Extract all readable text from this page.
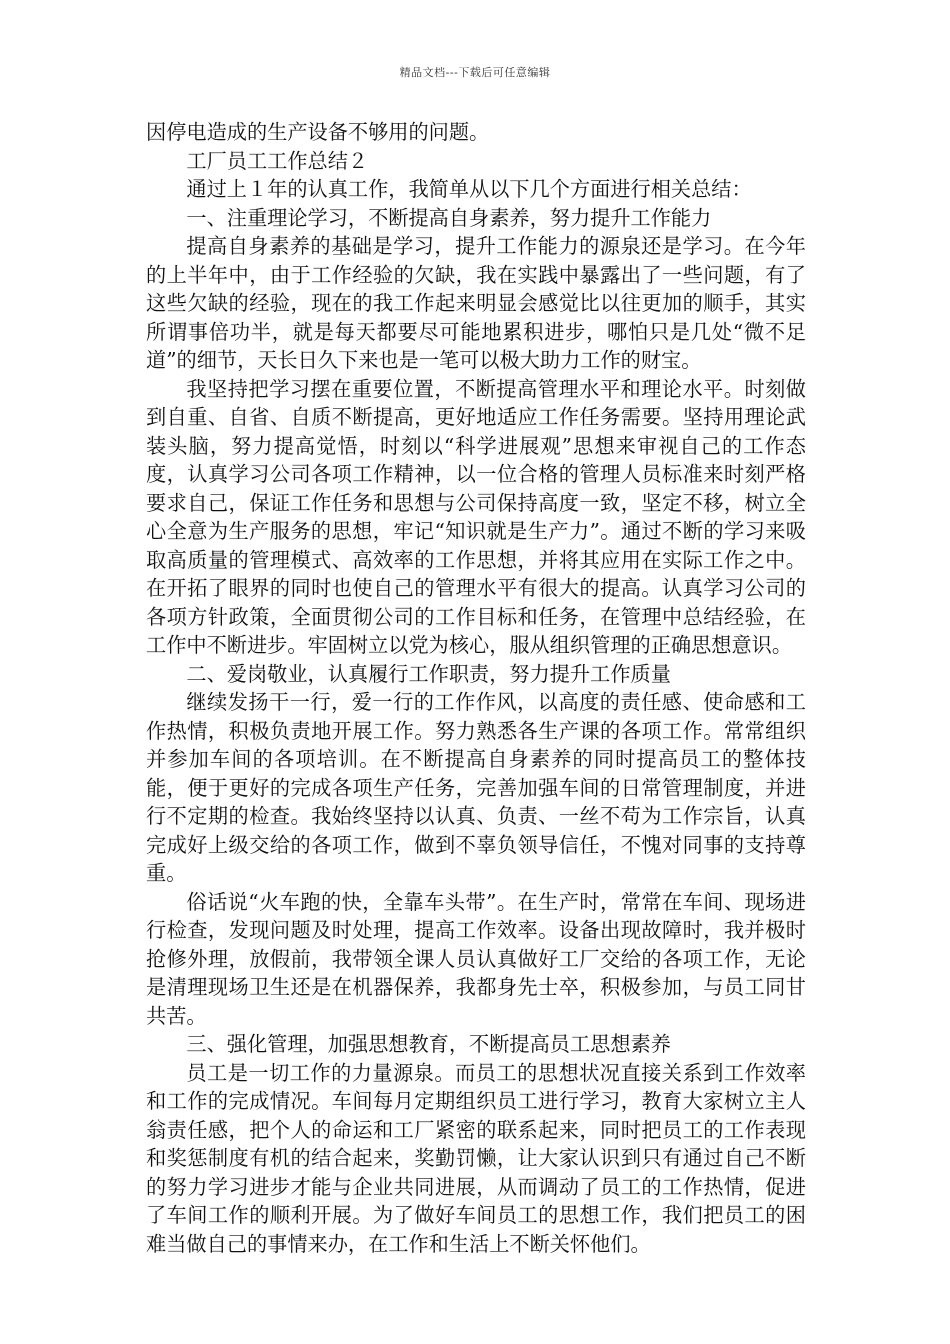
精品文档---下载后可任意编辑

因停电造成的生产设备不够用的问题。

工厂员工工作总结２

通过上１年的认真工作，我简单从以下几个方面进行相关总结：

一、注重理论学习，不断提高自身素养，努力提升工作能力

提高自身素养的基础是学习，提升工作能力的源泉还是学习。在今年的上半年中，由于工作经验的欠缺，我在实践中暴露出了一些问题，有了这些欠缺的经验，现在的我工作起来明显会感觉比以往更加的顺手，其实所谓事倍功半，就是每天都要尽可能地累积进步，哪怕只是几处“微不足道”的细节，天长日久下来也是一笔可以极大助力工作的财宝。

我坚持把学习摆在重要位置，不断提高管理水平和理论水平。时刻做到自重、自省、自质不断提高，更好地适应工作任务需要。坚持用理论武装头脑，努力提高觉悟，时刻以“科学进展观”思想来审视自己的工作态度，认真学习公司各项工作精神，以一位合格的管理人员标准来时刻严格要求自己，保证工作任务和思想与公司保持高度一致，坚定不移，树立全心全意为生产服务的思想，牢记“知识就是生产力”。通过不断的学习来吸取高质量的管理模式、高效率的工作思想，并将其应用在实际工作之中。在开拓了眼界的同时也使自己的管理水平有很大的提高。认真学习公司的各项方针政策，全面贯彻公司的工作目标和任务，在管理中总结经验，在工作中不断进步。牢固树立以党为核心，服从组织管理的正确思想意识。

二、爱岗敬业，认真履行工作职责，努力提升工作质量

继续发扬干一行，爱一行的工作作风，以高度的责任感、使命感和工作热情，积极负责地开展工作。努力熟悉各生产课的各项工作。常常组织并参加车间的各项培训。在不断提高自身素养的同时提高员工的整体技能，便于更好的完成各项生产任务，完善加强车间的日常管理制度，并进行不定期的检查。我始终坚持以认真、负责、一丝不苟为工作宗旨，认真完成好上级交给的各项工作，做到不辜负领导信任，不愧对同事的支持尊重。

俗话说“火车跑的快，全靠车头带”。在生产时，常常在车间、现场进行检查，发现问题及时处理，提高工作效率。设备出现故障时，我并极时抢修外理，放假前，我带领全课人员认真做好工厂交给的各项工作，无论是清理现场卫生还是在机器保养，我都身先士卒，积极参加，与员工同甘共苦。

三、强化管理，加强思想教育，不断提高员工思想素养

员工是一切工作的力量源泉。而员工的思想状况直接关系到工作效率和工作的完成情况。车间每月定期组织员工进行学习，教育大家树立主人翁责任感，把个人的命运和工厂紧密的联系起来，同时把员工的工作表现和奖惩制度有机的结合起来，奖勤罚懒，让大家认识到只有通过自己不断的努力学习进步才能与企业共同进展，从而调动了员工的工作热情，促进了车间工作的顺利开展。为了做好车间员工的思想工作，我们把员工的困难当做自己的事情来办，在工作和生活上不断关怀他们。
